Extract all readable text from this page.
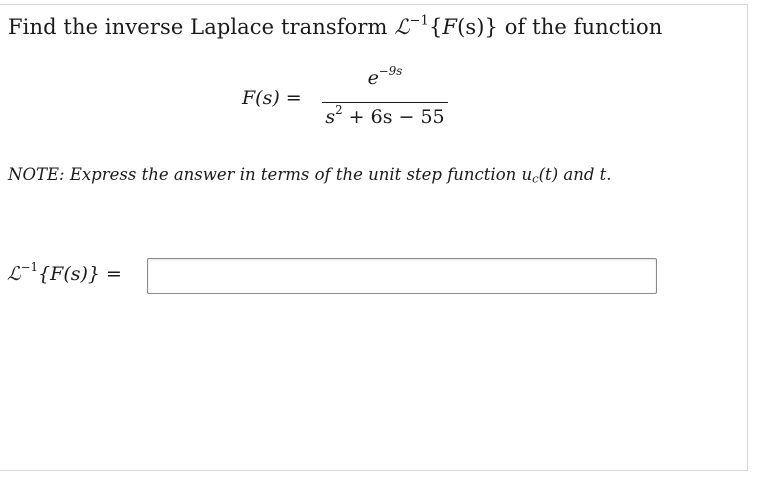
Find the inverse Laplace transform ℒ$^{-1}${F(s)} of the function
F(s) =
$e^{-9s}$
$s^2 + 6s - 55$
NOTE: Express the answer in terms of the unit step function $u_c(t)$ and t.
ℒ$^{-1}${F(s)} =
